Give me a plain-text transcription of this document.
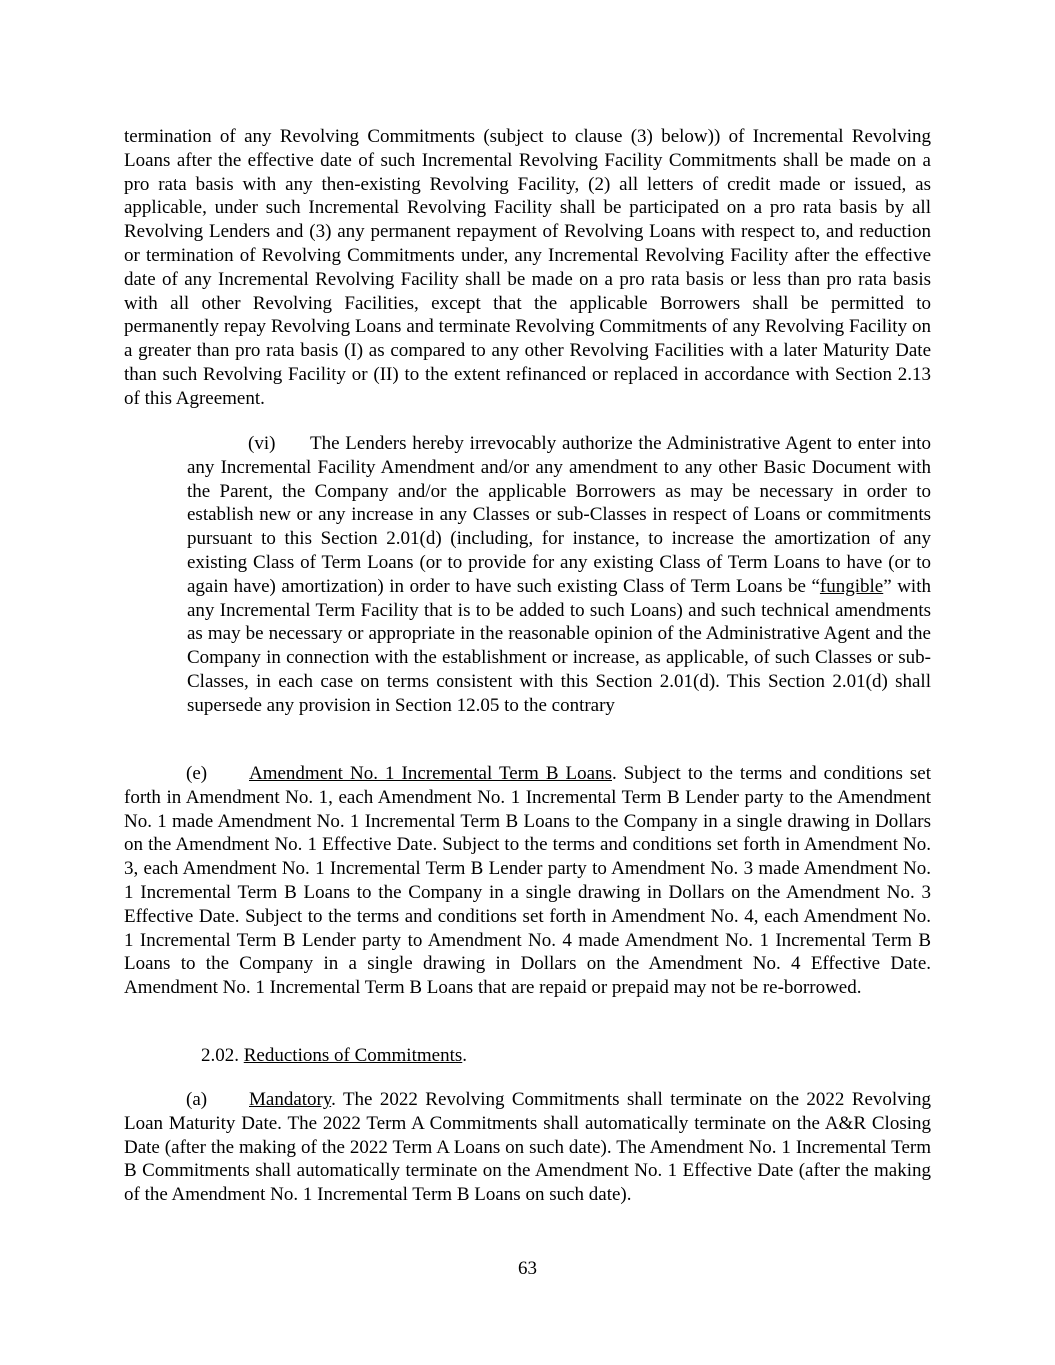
termination of any Revolving Commitments (subject to clause (3) below)) of Incremental Revolving Loans after the effective date of such Incremental Revolving Facility Commitments shall be made on a pro rata basis with any then-existing Revolving Facility, (2) all letters of credit made or issued, as applicable, under such Incremental Revolving Facility shall be participated on a pro rata basis by all Revolving Lenders and (3) any permanent repayment of Revolving Loans with respect to, and reduction or termination of Revolving Commitments under, any Incremental Revolving Facility after the effective date of any Incremental Revolving Facility shall be made on a pro rata basis or less than pro rata basis with all other Revolving Facilities, except that the applicable Borrowers shall be permitted to permanently repay Revolving Loans and terminate Revolving Commitments of any Revolving Facility on a greater than pro rata basis (I) as compared to any other Revolving Facilities with a later Maturity Date than such Revolving Facility or (II) to the extent refinanced or replaced in accordance with Section 2.13 of this Agreement.

(vi) The Lenders hereby irrevocably authorize the Administrative Agent to enter into any Incremental Facility Amendment and/or any amendment to any other Basic Document with the Parent, the Company and/or the applicable Borrowers as may be necessary in order to establish new or any increase in any Classes or sub-Classes in respect of Loans or commitments pursuant to this Section 2.01(d) (including, for instance, to increase the amortization of any existing Class of Term Loans (or to provide for any existing Class of Term Loans to have (or to again have) amortization) in order to have such existing Class of Term Loans be “fungible” with any Incremental Term Facility that is to be added to such Loans) and such technical amendments as may be necessary or appropriate in the reasonable opinion of the Administrative Agent and the Company in connection with the establishment or increase, as applicable, of such Classes or sub-Classes, in each case on terms consistent with this Section 2.01(d). This Section 2.01(d) shall supersede any provision in Section 12.05 to the contrary

(e) Amendment No. 1 Incremental Term B Loans. Subject to the terms and conditions set forth in Amendment No. 1, each Amendment No. 1 Incremental Term B Lender party to the Amendment No. 1 made Amendment No. 1 Incremental Term B Loans to the Company in a single drawing in Dollars on the Amendment No. 1 Effective Date. Subject to the terms and conditions set forth in Amendment No. 3, each Amendment No. 1 Incremental Term B Lender party to Amendment No. 3 made Amendment No. 1 Incremental Term B Loans to the Company in a single drawing in Dollars on the Amendment No. 3 Effective Date. Subject to the terms and conditions set forth in Amendment No. 4, each Amendment No. 1 Incremental Term B Lender party to Amendment No. 4 made Amendment No. 1 Incremental Term B Loans to the Company in a single drawing in Dollars on the Amendment No. 4 Effective Date. Amendment No. 1 Incremental Term B Loans that are repaid or prepaid may not be re-borrowed.

2.02. Reductions of Commitments.

(a) Mandatory. The 2022 Revolving Commitments shall terminate on the 2022 Revolving Loan Maturity Date. The 2022 Term A Commitments shall automatically terminate on the A&R Closing Date (after the making of the 2022 Term A Loans on such date). The Amendment No. 1 Incremental Term B Commitments shall automatically terminate on the Amendment No. 1 Effective Date (after the making of the Amendment No. 1 Incremental Term B Loans on such date).

63
